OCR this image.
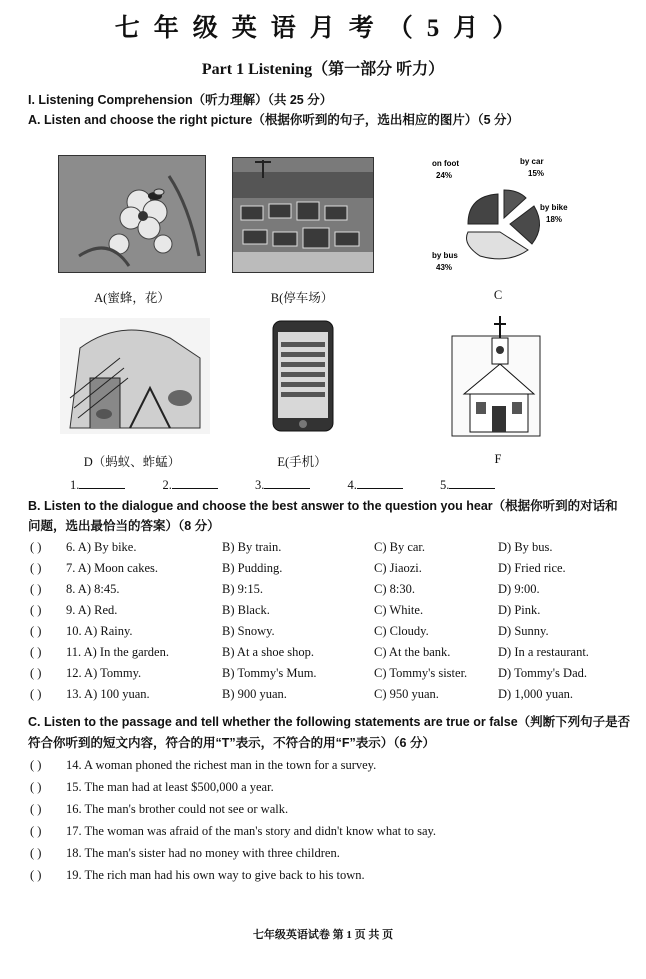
七年级英语月考（5月）
Part 1 Listening（第一部分 听力）
I. Listening Comprehension（听力理解）（共 25 分）
A. Listen and choose the right picture（根据你听到的句子，选出相应的图片）（5 分）
on foot
24%
by car
15%
by bike
18%
by bus
43%
A(蜜蜂，花）	B(停车场）	C
D（蚂蚁、蚱蜢）	E(手机）	F
1.	2.	3.	4.	5.
B. Listen to the dialogue and choose the best answer to the question you hear（根据你听到的对话和
问题，选出最恰当的答案）（8 分）
( ) 6. A) By bike.	B) By train.	C) By car.	D) By bus.
( ) 7. A) Moon cakes.	B) Pudding.	C) Jiaozi.	D) Fried rice.
( ) 8. A) 8:45.	B) 9:15.	C) 8:30.	D) 9:00.
( ) 9. A) Red.	B) Black.	C) White.	D) Pink.
( ) 10. A) Rainy.	B) Snowy.	C) Cloudy.	D) Sunny.
( ) 11. A) In the garden.	B) At a shoe shop.	C) At the bank.	D) In a restaurant.
( ) 12. A) Tommy.	B) Tommy's Mum.	C) Tommy's sister. D) Tommy's Dad.
( ) 13. A) 100 yuan.	B) 900 yuan.	C) 950 yuan.	D) 1,000 yuan.
C. Listen to the passage and tell whether the following statements are true or false（判断下列句子是否
符合你听到的短文内容，符合的用“T”表示，不符合的用“F”表示）（6 分）
( ) 14. A woman phoned the richest man in the town for a survey.
( ) 15. The man had at least $500,000 a year.
( ) 16. The man's brother could not see or walk.
( ) 17. The woman was afraid of the man's story and didn't know what to say.
( ) 18. The man's sister had no money with three children.
( ) 19. The rich man had his own way to give back to his town.
七年级英语试卷 第 1 页 共 页
